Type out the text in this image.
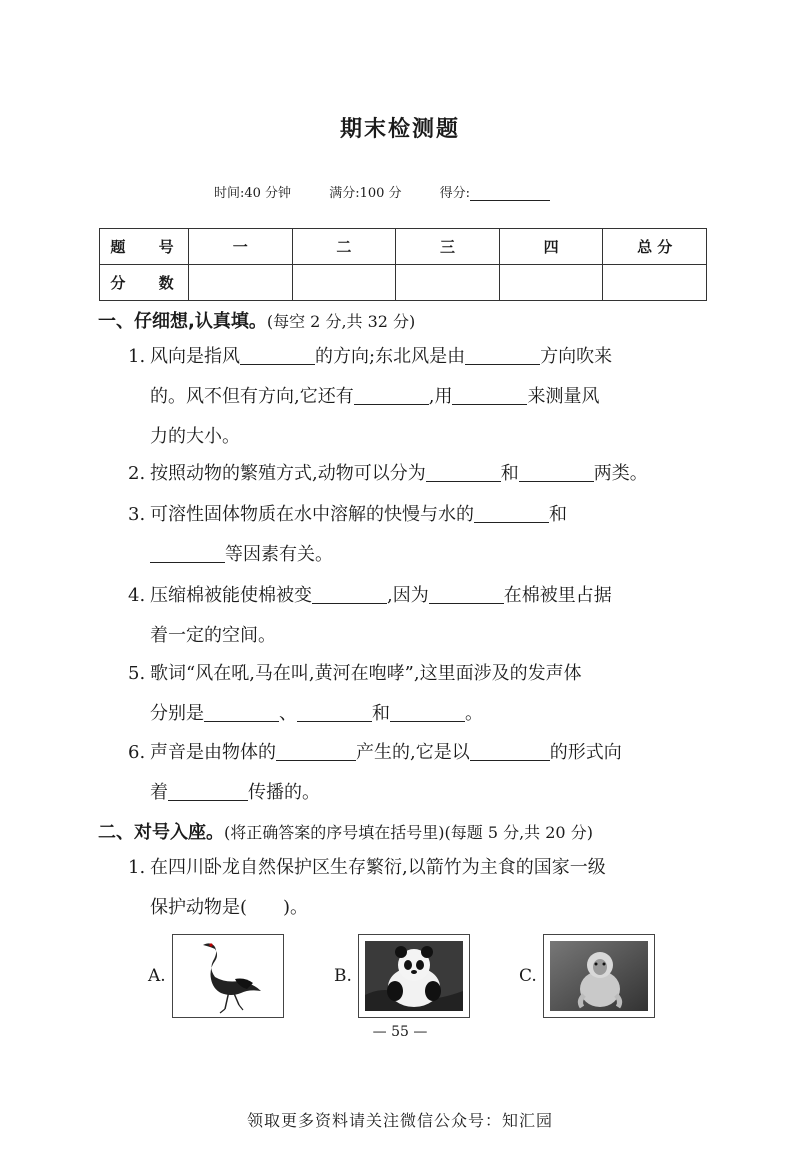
期末检测题
时间:40 分钟	满分:100 分	得分:
题 号	一	二	三	四	总 分
分 数					
一、仔细想,认真填。(每空 2 分,共 32 分)
1. 风向是指风	的方向;东北风是由	方向吹来
的。风不但有方向,它还有	,用	来测量风
力的大小。
2. 按照动物的繁殖方式,动物可以分为	和	两类。
3. 可溶性固体物质在水中溶解的快慢与水的	和
等因素有关。
4. 压缩棉被能使棉被变	,因为	在棉被里占据
着一定的空间。
5. 歌词“风在吼,马在叫,黄河在咆哮”,这里面涉及的发声体
分别是	、	和	。
6. 声音是由物体的	产生的,它是以	的形式向
着	传播的。
二、对号入座。(将正确答案的序号填在括号里)(每题 5 分,共 20 分)
1. 在四川卧龙自然保护区生存繁衍,以箭竹为主食的国家一级
保护动物是( )。
A.	B.	C.
— 55 —
领取更多资料请关注微信公众号：知汇园
